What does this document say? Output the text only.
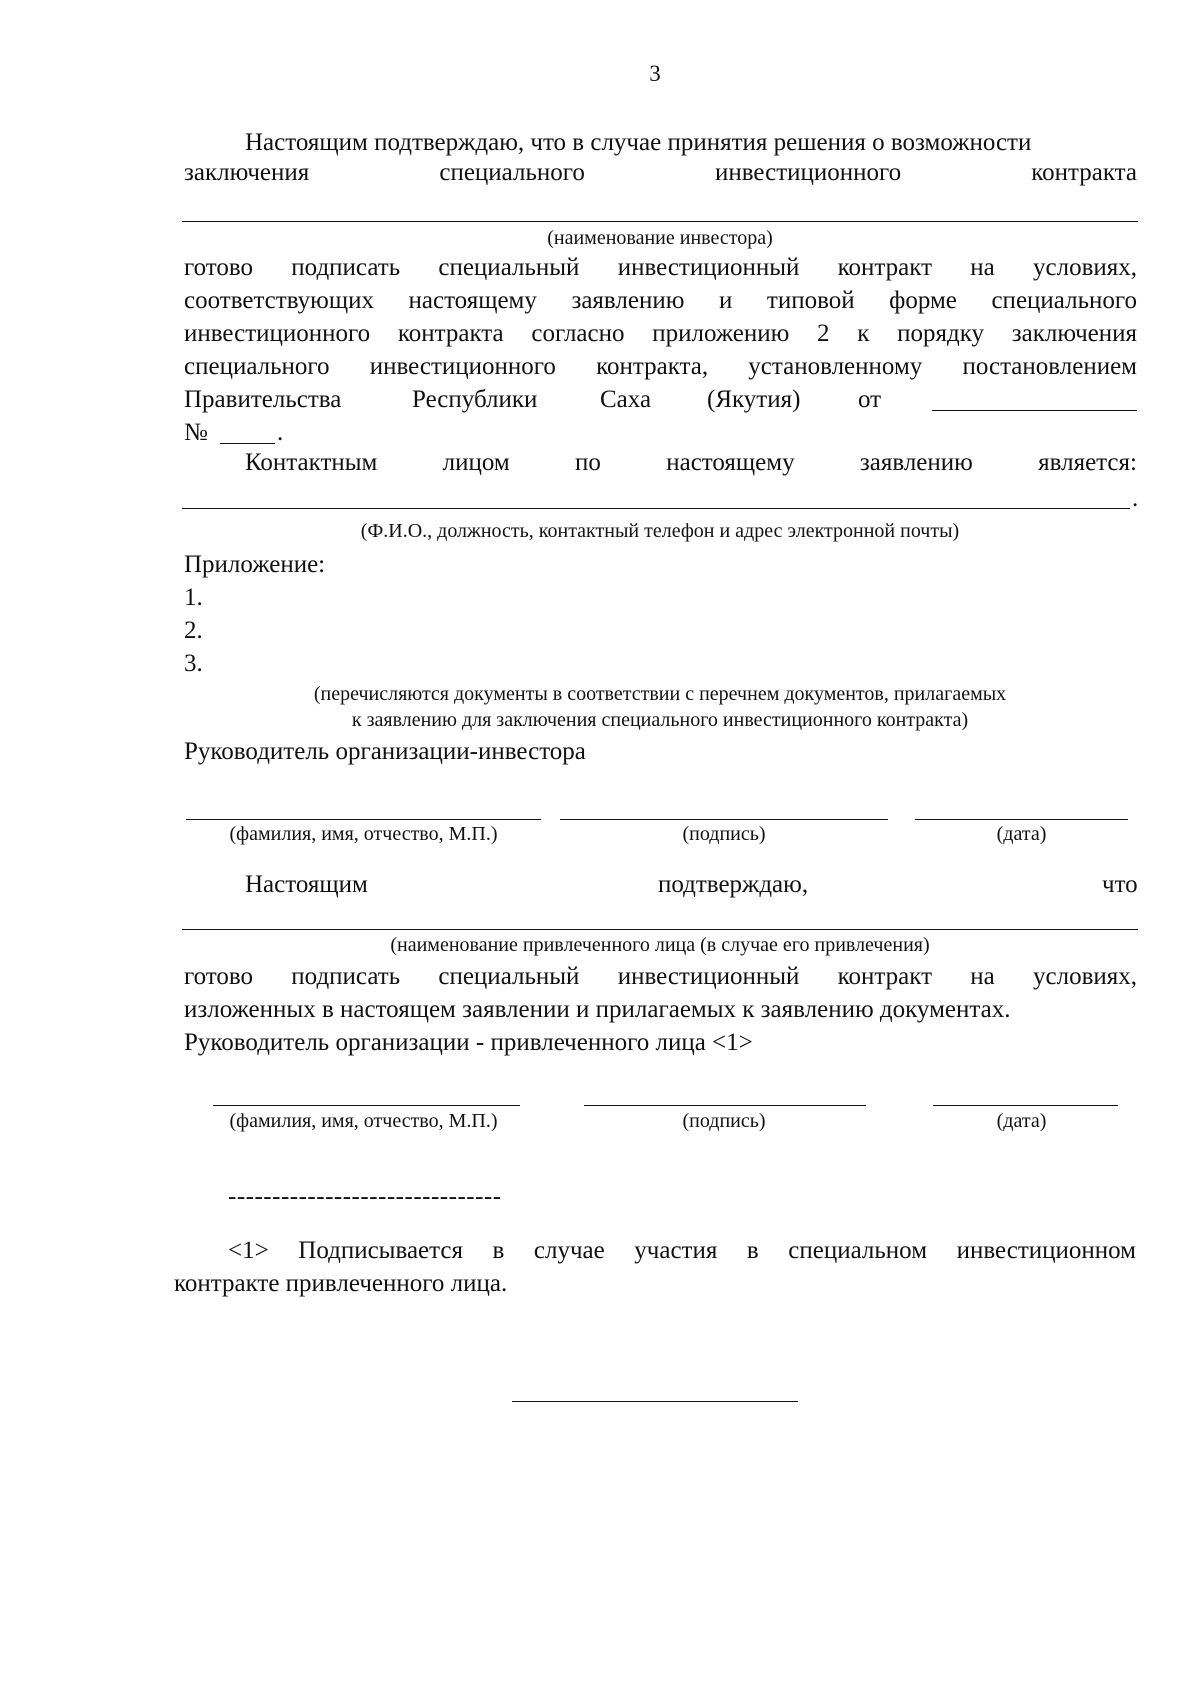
3
Настоящим подтверждаю, что в случае принятия решения о возможности
заключения	специального	инвестиционного	контракта
(наименование инвестора)
готово подписать специальный инвестиционный контракт на условиях,
соответствующих настоящему заявлению и типовой форме специального
инвестиционного контракта согласно приложению 2 к порядку заключения
специального инвестиционного контракта, установленному постановлением
Правительства	Республики	Саха (Якутия) от
№	.
Контактным	лицом	по	настоящему	заявлению	является:
.
(Ф.И.О., должность, контактный телефон и адрес электронной почты)
Приложение:
1.
2.
3.
(перечисляются документы в соответствии с перечнем документов, прилагаемых
к заявлению для заключения специального инвестиционного контракта)
Руководитель организации-инвестора
(фамилия, имя, отчество, М.П.)	(подпись)	(дата)
Настоящим	подтверждаю,	что
(наименование привлеченного лица (в случае его привлечения)
готово подписать специальный инвестиционный контракт на условиях,
изложенных в настоящем заявлении и прилагаемых к заявлению документах.
Руководитель организации - привлеченного лица <1>
(фамилия, имя, отчество, М.П.)	(подпись)	(дата)
-------------------------------
<1> Подписывается в случае участия в специальном инвестиционном
контракте привлеченного лица.
